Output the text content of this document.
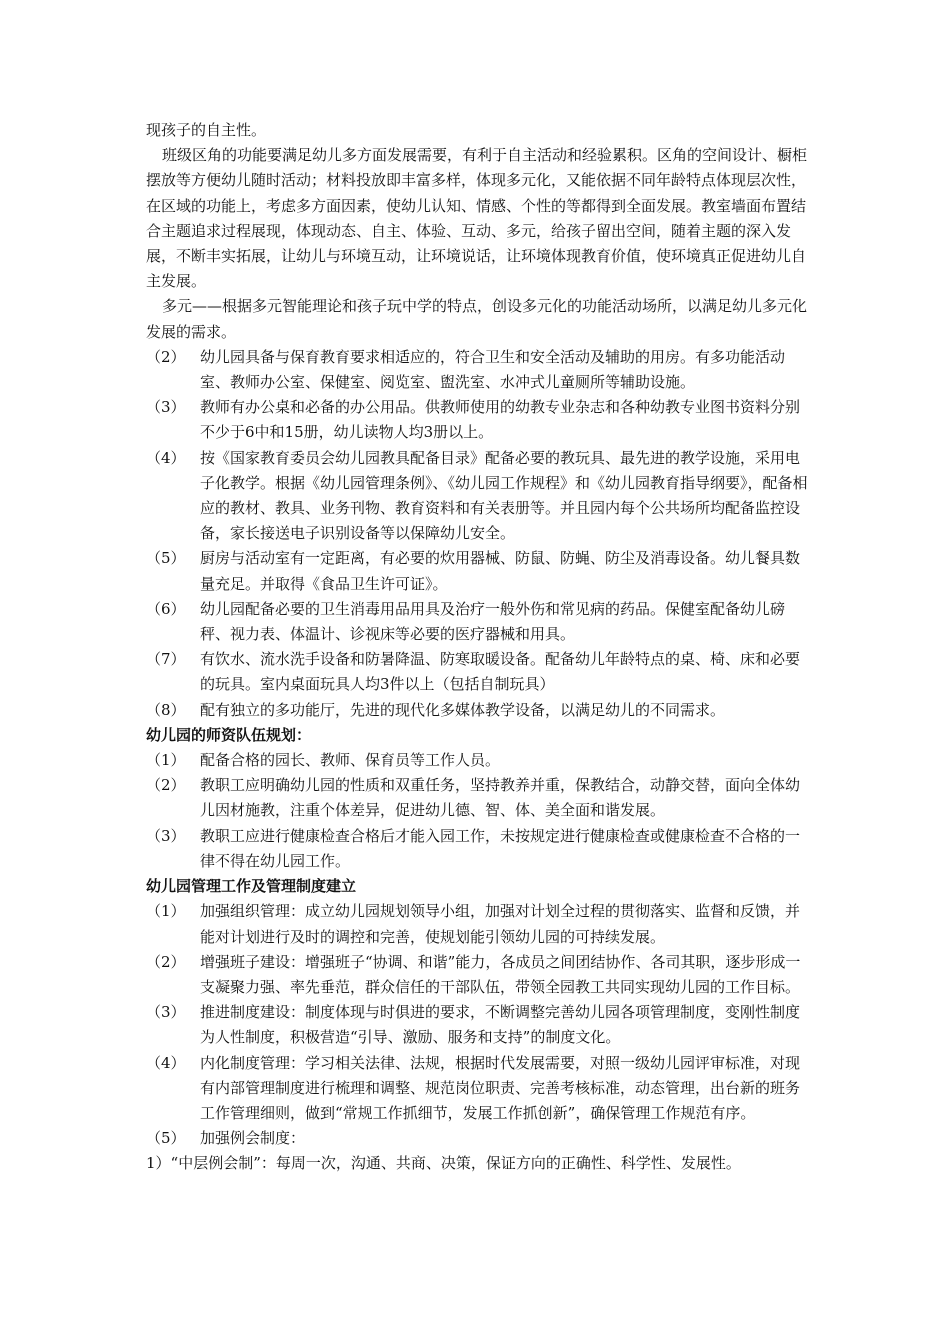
现孩子的自主性。

班级区角的功能要满足幼儿多方面发展需要，有利于自主活动和经验累积。区角的空间设计、橱柜摆放等方便幼儿随时活动；材料投放即丰富多样，体现多元化，又能依据不同年龄特点体现层次性，在区域的功能上，考虑多方面因素，使幼儿认知、情感、个性的等都得到全面发展。教室墙面布置结合主题追求过程展现，体现动态、自主、体验、互动、多元，给孩子留出空间，随着主题的深入发展，不断丰实拓展，让幼儿与环境互动，让环境说话，让环境体现教育价值，使环境真正促进幼儿自主发展。

多元——根据多元智能理论和孩子玩中学的特点，创设多元化的功能活动场所，以满足幼儿多元化发展的需求。

（2） 幼儿园具备与保育教育要求相适应的，符合卫生和安全活动及辅助的用房。有多功能活动室、教师办公室、保健室、阅览室、盥洗室、水冲式儿童厕所等辅助设施。
（3） 教师有办公桌和必备的办公用品。供教师使用的幼教专业杂志和各种幼教专业图书资料分别不少于6中和15册，幼儿读物人均3册以上。
（4） 按《国家教育委员会幼儿园教具配备目录》配备必要的教玩具、最先进的教学设施，采用电子化教学。根据《幼儿园管理条例》、《幼儿园工作规程》和《幼儿园教育指导纲要》，配备相应的教材、教具、业务刊物、教育资料和有关表册等。并且园内每个公共场所均配备监控设备，家长接送电子识别设备等以保障幼儿安全。
（5） 厨房与活动室有一定距离，有必要的炊用器械、防鼠、防蝇、防尘及消毒设备。幼儿餐具数量充足。并取得《食品卫生许可证》。
（6） 幼儿园配备必要的卫生消毒用品用具及治疗一般外伤和常见病的药品。保健室配备幼儿磅秤、视力表、体温计、诊视床等必要的医疗器械和用具。
（7） 有饮水、流水洗手设备和防暑降温、防寒取暖设备。配备幼儿年龄特点的桌、椅、床和必要的玩具。室内桌面玩具人均3件以上（包括自制玩具）
（8） 配有独立的多功能厅，先进的现代化多媒体教学设备，以满足幼儿的不同需求。

幼儿园的师资队伍规划：

（1） 配备合格的园长、教师、保育员等工作人员。
（2） 教职工应明确幼儿园的性质和双重任务，坚持教养并重，保教结合，动静交替，面向全体幼儿因材施教，注重个体差异，促进幼儿德、智、体、美全面和谐发展。
（3） 教职工应进行健康检查合格后才能入园工作，未按规定进行健康检查或健康检查不合格的一律不得在幼儿园工作。

幼儿园管理工作及管理制度建立

（1） 加强组织管理：成立幼儿园规划领导小组，加强对计划全过程的贯彻落实、监督和反馈，并能对计划进行及时的调控和完善，使规划能引领幼儿园的可持续发展。
（2） 增强班子建设：增强班子“协调、和谐”能力，各成员之间团结协作、各司其职，逐步形成一支凝聚力强、率先垂范，群众信任的干部队伍，带领全园教工共同实现幼儿园的工作目标。
（3） 推进制度建设：制度体现与时俱进的要求，不断调整完善幼儿园各项管理制度，变刚性制度为人性制度，积极营造“引导、激励、服务和支持”的制度文化。
（4） 内化制度管理：学习相关法律、法规，根据时代发展需要，对照一级幼儿园评审标准，对现有内部管理制度进行梳理和调整、规范岗位职责、完善考核标准，动态管理，出台新的班务工作管理细则，做到“常规工作抓细节，发展工作抓创新”，确保管理工作规范有序。
（5） 加强例会制度：

1）“中层例会制”：每周一次，沟通、共商、决策，保证方向的正确性、科学性、发展性。
